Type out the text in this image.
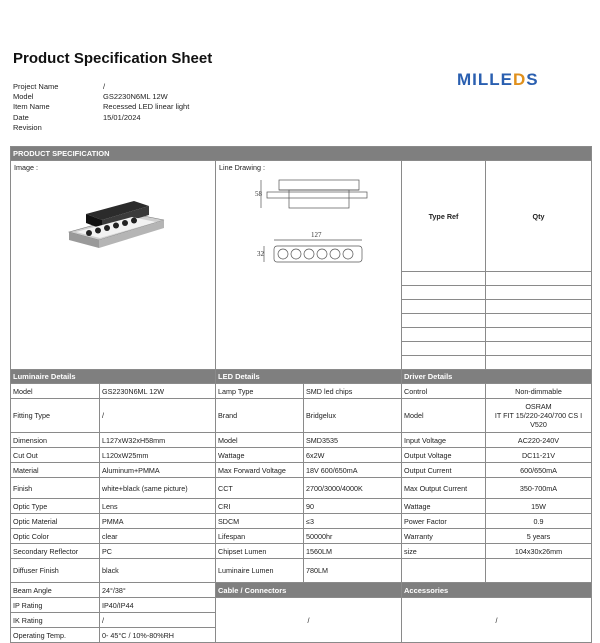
Product Specification Sheet
Project Name	/
Model	GS2230N6ML 12W
Item Name	Recessed LED linear light
Date	15/01/2024
Revision
MILLEDS
PRODUCT SPECIFICATION					

Image :		Line Drawing :
58
127
32		Type Ref	Qty

Luminaire Details		LED Details		Driver Details	
Model	GS2230N6ML 12W	Lamp Type	SMD led chips	Control	Non-dimmable
Fitting Type	/	Brand	Bridgelux	Model	OSRAM
IT FIT 15/220-240/700 CS I V520
Dimension	L127xW32xH58mm	Model	SMD3535	Input Voltage	AC220-240V
Cut Out	L120xW25mm	Wattage	6x2W	Output Voltage	DC11-21V
Material	Aluminum+PMMA	Max Forward Voltage	18V 600/650mA	Output Current	600/650mA
Finish	white+black (same picture)	CCT	2700/3000/4000K	Max Output Current	350-700mA
Optic Type	Lens	CRI	90	Wattage	15W
Optic Material	PMMA	SDCM	≤3	Power Factor	0.9
Optic Color	clear	Lifespan	50000hr	Warranty	5 years
Secondary Reflector	PC	Chipset Lumen	1560LM	size	104x30x26mm
Diffuser Finish	black	Luminaire Lumen	780LM		
Beam Angle	24°/38°	Cable / Connectors		Accessories	
IP Rating	IP40/IP44	/		/	
IK Rating	/				
Operating Temp.	0- 45°C / 10%-80%RH				
